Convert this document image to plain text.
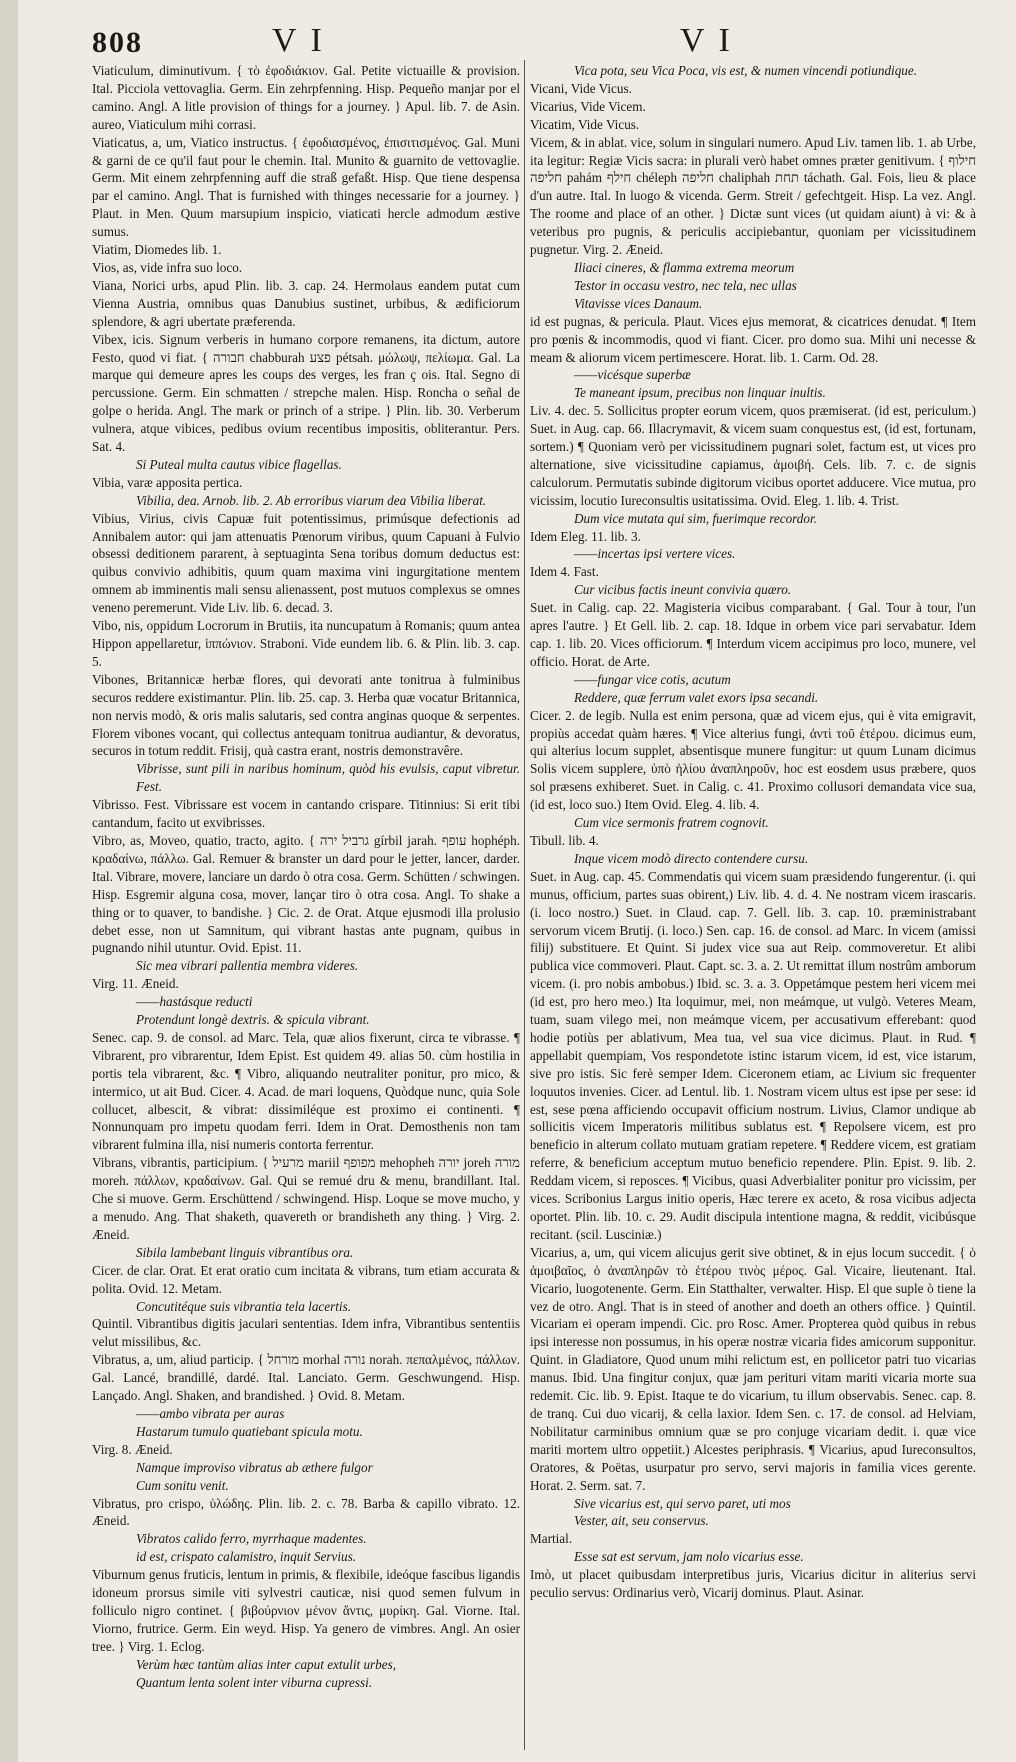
808	VI	VI

Viaticulum, diminutivum. { τὸ ἐφοδιάκιον. Gal. Petite victuaille & provision. Ital. Picciola vettovaglia. Germ. Ein zehrpfenning. Hisp. Pequeño manjar por el camino. Angl. A litle provision of things for a journey. } Apul. lib. 7. de Asin. aureo, Viaticulum mihi corrasi.

Viaticatus, a, um, Viatico instructus. { ἐφοδιασμένος, ἐπισιτισμένος. Gal. Muni & garni de ce qu'il faut pour le chemin. Ital. Munito & guarnito de vettovaglie. Germ. Mit einem zehrpfenning auff die straß gefaßt. Hisp. Que tiene despensa par el camino. Angl. That is furnished with thinges necessarie for a journey. } Plaut. in Men. Quum marsupium inspicio, viaticati hercle admodum æstive sumus.

Viatim, Diomedes lib. 1.

Vios, as, vide infra suo loco.

Viana, Norici urbs, apud Plin. lib. 3. cap. 24. Hermolaus eandem putat cum Vienna Austria, omnibus quas Danubius sustinet, urbibus, & ædificiorum splendore, & agri ubertate præferenda.

Vibex, icis. Signum verberis in humano corpore remanens, ita dictum, autore Festo, quod vi fiat. { חבורה chabburah פצע pétsah. μώλωψ, πελίωμα. Gal. La marque qui demeure apres les coups des verges, les fran ç ois. Ital. Segno di percussione. Germ. Ein schmatten / strepche malen. Hisp. Roncha o señal de golpe o herida. Angl. The mark or princh of a stripe. } Plin. lib. 30. Verberum vulnera, atque vibices, pedibus ovium recentibus impositis, obliterantur. Pers. Sat. 4.

Si Puteal multa cautus vibice flagellas.

Vibia, varæ apposita pertica.

Vibilia, dea. Arnob. lib. 2. Ab erroribus viarum dea Vibilia liberat.

Vibius, Virius, civis Capuæ fuit potentissimus, primúsque defectionis ad Annibalem autor: qui jam attenuatis Pœnorum viribus, quum Capuani à Fulvio obsessi deditionem pararent, à septuaginta Sena toribus domum deductus est: quibus convivio adhibitis, quum quam maxima vini ingurgitatione mentem omnem ab imminentis mali sensu alienassent, post mutuos complexus se omnes veneno peremerunt. Vide Liv. lib. 6. decad. 3.

Vibo, nis, oppidum Locrorum in Brutiis, ita nuncupatum à Romanis; quum antea Hippon appellaretur, ἱππώνιον. Straboni. Vide eundem lib. 6. & Plin. lib. 3. cap. 5.

Vibones, Britannicæ herbæ flores, qui devorati ante tonitrua à fulminibus securos reddere existimantur. Plin. lib. 25. cap. 3. Herba quæ vocatur Britannica, non nervis modò, & oris malis salutaris, sed contra anginas quoque & serpentes. Florem vibones vocant, qui collectus antequam tonitrua audiantur, & devoratus, securos in totum reddit. Frisij, quà castra erant, nostris demonstravêre.

Vibrisse, sunt pili in naribus hominum, quòd his evulsis, caput vibretur. Fest.

Vibrisso. Fest. Vibrissare est vocem in cantando crispare. Titinnius: Si erit tibi cantandum, facito ut exvibrisses.

Vibro, as, Moveo, quatio, tracto, agito. { גרביל ירה gírbil jarah. עופף hophéph. κραδαίνω, πάλλω. Gal. Remuer & branster un dard pour le jetter, lancer, darder. Ital. Vibrare, movere, lanciare un dardo ò otra cosa. Germ. Schütten / schwingen. Hisp. Esgremir alguna cosa, mover, lançar tiro ò otra cosa. Angl. To shake a thing or to quaver, to bandishe. } Cic. 2. de Orat. Atque ejusmodi illa prolusio debet esse, non ut Samnitum, qui vibrant hastas ante pugnam, quibus in pugnando nihil utuntur. Ovid. Epist. 11.

Sic mea vibrari pallentia membra videres.

Virg. 11. Æneid.

——hastásque reducti

Protendunt longè dextris. & spicula vibrant.

Senec. cap. 9. de consol. ad Marc. Tela, quæ alios fixerunt, circa te vibrasse. ¶ Vibrarent, pro vibrarentur, Idem Epist. Est quidem 49. alias 50. cùm hostilia in portis tela vibrarent, &c. ¶ Vibro, aliquando neutraliter ponitur, pro mico, & intermico, ut ait Bud. Cicer. 4. Acad. de mari loquens, Quòdque nunc, quia Sole collucet, albescit, & vibrat: dissimiléque est proximo ei continenti. ¶ Nonnunquam pro impetu quodam ferri. Idem in Orat. Demosthenis non tam vibrarent fulmina illa, nisi numeris contorta ferrentur.

Vibrans, vibrantis, participium. { מרעיל mariil מפופף mehopheh יורה joreh מורה moreh. πάλλων, κραδαίνων. Gal. Qui se remué dru & menu, brandillant. Ital. Che si muove. Germ. Erschüttend / schwingend. Hisp. Loque se move mucho, y a menudo. Ang. That shaketh, quavereth or brandisheth any thing. } Virg. 2. Æneid.

Sibila lambebant linguis vibrantibus ora.

Cicer. de clar. Orat. Et erat oratio cum incitata & vibrans, tum etiam accurata & polita. Ovid. 12. Metam.

Concutitéque suis vibrantia tela lacertis.

Quintil. Vibrantibus digitis jaculari sententias. Idem infra, Vibrantibus sententiis velut missilibus, &c.

Vibratus, a, um, aliud particip. { מורחל morhal נורה norah. πεπαλμένος, πάλλων. Gal. Lancé, brandillé, dardé. Ital. Lanciato. Germ. Geschwungend. Hisp. Lançado. Angl. Shaken, and brandished. } Ovid. 8. Metam.

——ambo vibrata per auras

Hastarum tumulo quatiebant spicula motu.

Virg. 8. Æneid.

Namque improviso vibratus ab æthere fulgor

Cum sonitu venit.

Vibratus, pro crispo, ὑλώδης. Plin. lib. 2. c. 78. Barba & capillo vibrato. 12. Æneid.

Vibratos calido ferro, myrrhaque madentes.

id est, crispato calamistro, inquit Servius.

Viburnum genus fruticis, lentum in primis, & flexibile, ideóque fascibus ligandis idoneum prorsus simile viti sylvestri cauticæ, nisi quod semen fulvum in folliculo nigro continet. { βιβούρνιον μένον ἄντις, μυρίκη. Gal. Viorne. Ital. Viorno, frutrice. Germ. Ein weyd. Hisp. Ya genero de vimbres. Angl. An osier tree. } Virg. 1. Eclog.

Verùm hæc tantùm alias inter caput extulit urbes,

Quantum lenta solent inter viburna cupressi.

Vica pota, seu Vica Poca, vis est, & numen vincendi potiundique.

Vicani, Vide Vicus.

Vicarius, Vide Vicem.

Vicatim, Vide Vicus.

Vicem, & in ablat. vice, solum in singulari numero. Apud Liv. tamen lib. 1. ab Urbe, ita legitur: Regiæ Vicis sacra: in plurali verò habet omnes præter genitivum. { חילוף חליפה pahám חילף chéleph חליפה chaliphah תחת táchath. Gal. Fois, lieu & place d'un autre. Ital. In luogo & vicenda. Germ. Streit / gefechtgeit. Hisp. La vez. Angl. The roome and place of an other. } Dictæ sunt vices (ut quidam aiunt) à vi: & à veteribus pro pugnis, & periculis accipiebantur, quoniam per vicissitudinem pugnetur. Virg. 2. Æneid.

Iliaci cineres, & flamma extrema meorum

Testor in occasu vestro, nec tela, nec ullas

Vitavisse vices Danaum.

id est pugnas, & pericula. Plaut. Vices ejus memorat, & cicatrices denudat. ¶ Item pro pœnis & incommodis, quod vi fiant. Cicer. pro domo sua. Mihi uni necesse & meam & aliorum vicem pertimescere. Horat. lib. 1. Carm. Od. 28.

——vicésque superbæ

Te maneant ipsum, precibus non linquar inultis.

Liv. 4. dec. 5. Sollicitus propter eorum vicem, quos præmiserat. (id est, periculum.) Suet. in Aug. cap. 66. Illacrymavit, & vicem suam conquestus est, (id est, fortunam, sortem.) ¶ Quoniam verò per vicissitudinem pugnari solet, factum est, ut vices pro alternatione, sive vicissitudine capiamus, ἀμοιβή. Cels. lib. 7. c. de signis calculorum. Permutatis subinde digitorum vicibus oportet adducere. Vice mutua, pro vicissim, locutio Iureconsultis usitatissima. Ovid. Eleg. 1. lib. 4. Trist.

Dum vice mutata qui sim, fuerimque recordor.

Idem Eleg. 11. lib. 3.

——incertas ipsi vertere vices.

Idem 4. Fast.

Cur vicibus factis ineunt convivia quæro.

Suet. in Calig. cap. 22. Magisteria vicibus comparabant. { Gal. Tour à tour, l'un apres l'autre. } Et Gell. lib. 2. cap. 18. Idque in orbem vice pari servabatur. Idem cap. 1. lib. 20. Vices officiorum. ¶ Interdum vicem accipimus pro loco, munere, vel officio. Horat. de Arte.

——fungar vice cotis, acutum

Reddere, quæ ferrum valet exors ipsa secandi.

Cicer. 2. de legib. Nulla est enim persona, quæ ad vicem ejus, qui è vita emigravit, propiùs accedat quàm hæres. ¶ Vice alterius fungi, ἀντὶ τοῦ ἑτέρου. dicimus eum, qui alterius locum supplet, absentisque munere fungitur: ut quum Lunam dicimus Solis vicem supplere, ὑπὸ ἡλίου ἀναπληροῦν, hoc est eosdem usus præbere, quos sol præsens exhiberet. Suet. in Calig. c. 41. Proximo collusori demandata vice sua, (id est, loco suo.) Item Ovid. Eleg. 4. lib. 4.

Cum vice sermonis fratrem cognovit.

Tibull. lib. 4.

Inque vicem modò directo contendere cursu.

Suet. in Aug. cap. 45. Commendatis qui vicem suam præsidendo fungerentur. (i. qui munus, officium, partes suas obirent,) Liv. lib. 4. d. 4. Ne nostram vicem irascaris. (i. loco nostro.) Suet. in Claud. cap. 7. Gell. lib. 3. cap. 10. præministrabant servorum vicem Brutij. (i. loco.) Sen. cap. 16. de consol. ad Marc. In vicem (amissi filij) substituere. Et Quint. Si judex vice sua aut Reip. commoveretur. Et alibi publica vice commoveri. Plaut. Capt. sc. 3. a. 2. Ut remittat illum nostrûm amborum vicem. (i. pro nobis ambobus.) Ibid. sc. 3. a. 3. Oppetámque pestem heri vicem mei (id est, pro hero meo.) Ita loquimur, mei, non meámque, ut vulgò. Veteres Meam, tuam, suam vilego mei, non meámque vicem, per accusativum efferebant: quod hodie potiùs per ablativum, Mea tua, vel sua vice dicimus. Plaut. in Rud. ¶ appellabit quempiam, Vos respondetote istinc istarum vicem, id est, vice istarum, sive pro istis. Sic ferè semper Idem. Ciceronem etiam, ac Livium sic frequenter loquutos invenies. Cicer. ad Lentul. lib. 1. Nostram vicem ultus est ipse per sese: id est, sese pœna afficiendo occupavit officium nostrum. Livius, Clamor undique ab sollicitis vicem Imperatoris militibus sublatus est. ¶ Repolsere vicem, est pro beneficio in alterum collato mutuam gratiam repetere. ¶ Reddere vicem, est gratiam referre, & beneficium acceptum mutuo beneficio rependere. Plin. Epist. 9. lib. 2. Reddam vicem, si reposces. ¶ Vicibus, quasi Adverbialiter ponitur pro vicissim, per vices. Scribonius Largus initio operis, Hæc terere ex aceto, & rosa vicibus adjecta oportet. Plin. lib. 10. c. 29. Audit discipula intentione magna, & reddit, vicibúsque recitant. (scil. Lusciniæ.)

Vicarius, a, um, qui vicem alicujus gerit sive obtinet, & in ejus locum succedit. { ὁ ἀμοιβαῖος, ὁ ἀναπληρῶν τὸ ἑτέρου τινὸς μέρος. Gal. Vicaire, lieutenant. Ital. Vicario, luogotenente. Germ. Ein Statthalter, verwalter. Hisp. El que suple ò tiene la vez de otro. Angl. That is in steed of another and doeth an others office. } Quintil. Vicariam ei operam impendi. Cic. pro Rosc. Amer. Propterea quòd quibus in rebus ipsi interesse non possumus, in his operæ nostræ vicaria fides amicorum supponitur. Quint. in Gladiatore, Quod unum mihi relictum est, en pollicetor patri tuo vicarias manus. Ibid. Una fingitur conjux, quæ jam perituri vitam mariti vicaria morte sua redemit. Cic. lib. 9. Epist. Itaque te do vicarium, tu illum observabis. Senec. cap. 8. de tranq. Cui duo vicarij, & cella laxior. Idem Sen. c. 17. de consol. ad Helviam, Nobilitatur carminibus omnium quæ se pro conjuge vicariam dedit. i. quæ vice mariti mortem ultro oppetiit.) Alcestes periphrasis. ¶ Vicarius, apud Iureconsultos, Oratores, & Poëtas, usurpatur pro servo, servi majoris in familia vices gerente. Horat. 2. Serm. sat. 7.

Sive vicarius est, qui servo paret, uti mos

Vester, ait, seu conservus.

Martial.

Esse sat est servum, jam nolo vicarius esse.

Imò, ut placet quibusdam interpretibus juris, Vicarius dicitur in aliterius servi peculio servus: Ordinarius verò, Vicarij dominus. Plaut. Asinar.
